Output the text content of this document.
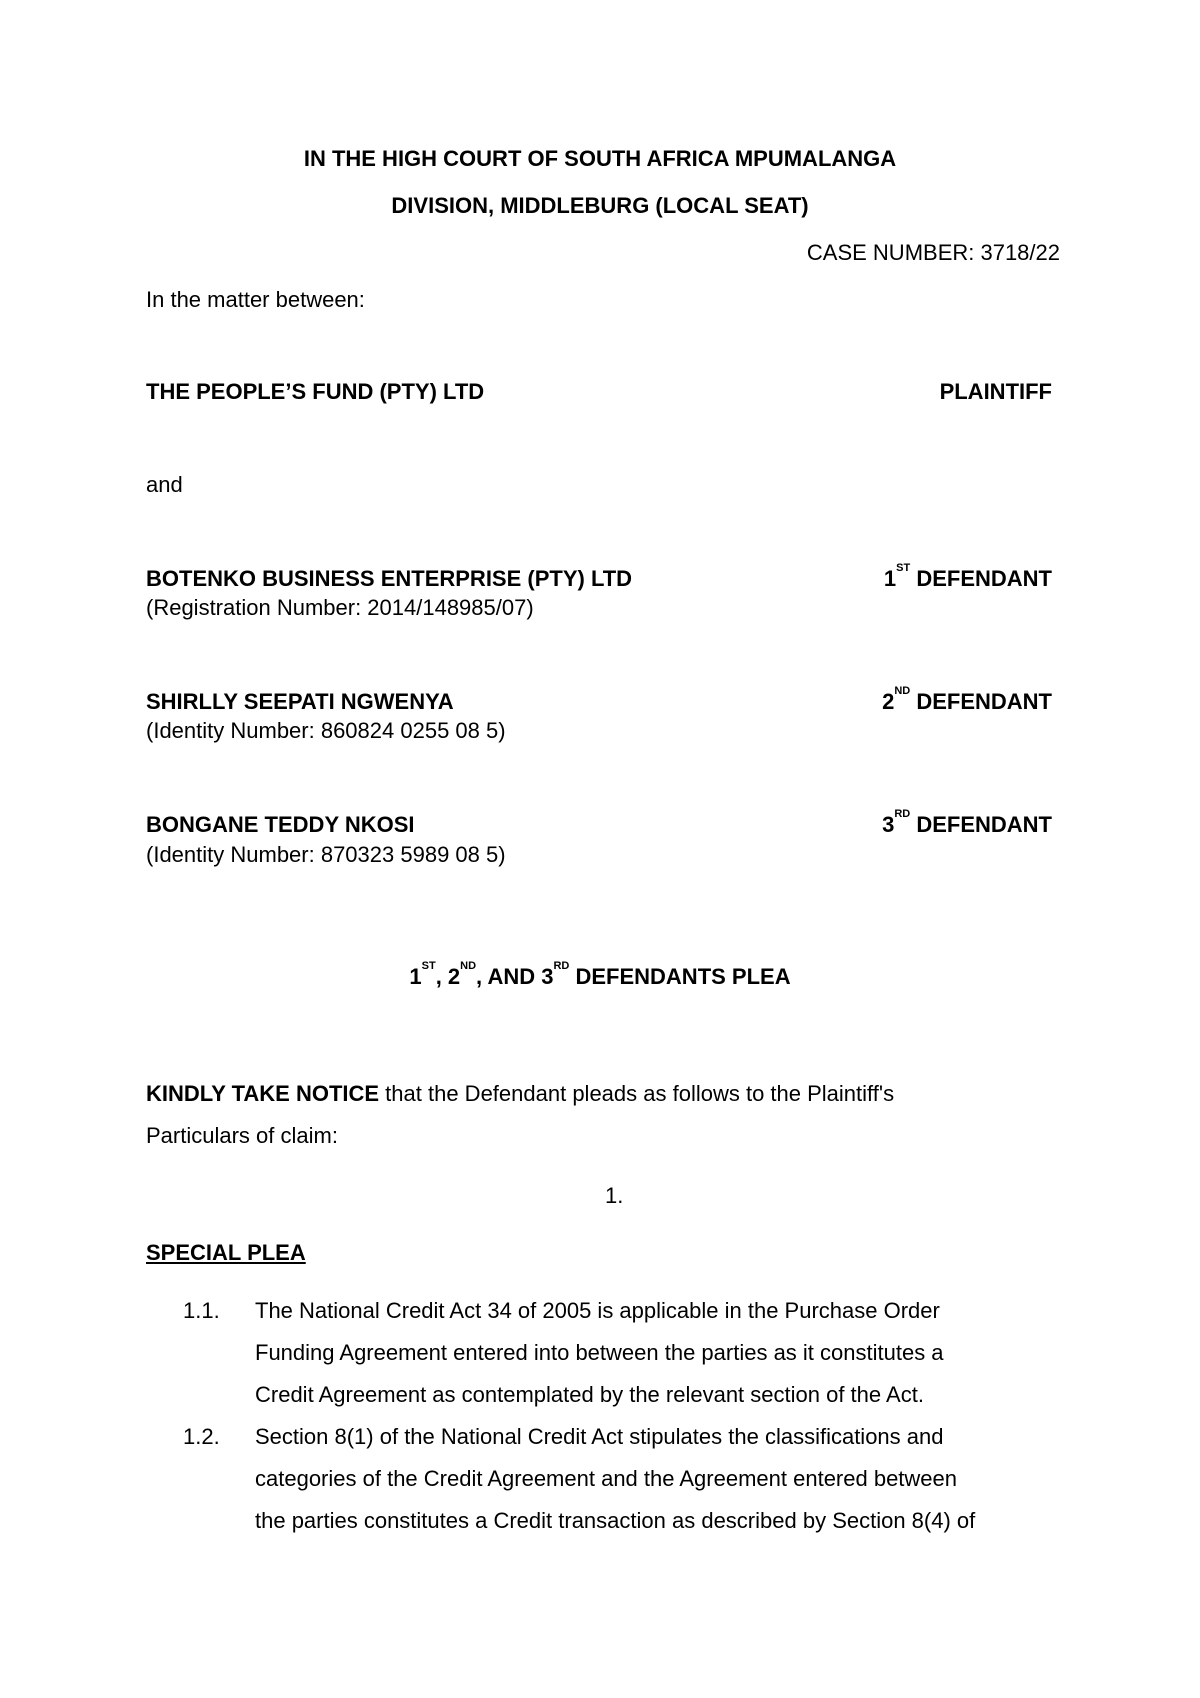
IN THE HIGH COURT OF SOUTH AFRICA MPUMALANGA
DIVISION, MIDDLEBURG (LOCAL SEAT)
CASE NUMBER: 3718/22
In the matter between:
THE PEOPLE’S FUND (PTY) LTD	PLAINTIFF
and
BOTENKO BUSINESS ENTERPRISE (PTY) LTD	1ST DEFENDANT
(Registration Number: 2014/148985/07)
SHIRLLY SEEPATI NGWENYA	2ND DEFENDANT
(Identity Number: 860824 0255 08 5)
BONGANE TEDDY NKOSI	3RD DEFENDANT
(Identity Number: 870323 5989 08 5)
1ST, 2ND, AND 3RD DEFENDANTS PLEA
KINDLY TAKE NOTICE that the Defendant pleads as follows to the Plaintiff's
Particulars of claim:
1.
SPECIAL PLEA
1.1. The National Credit Act 34 of 2005 is applicable in the Purchase Order
Funding Agreement entered into between the parties as it constitutes a
Credit Agreement as contemplated by the relevant section of the Act.
1.2. Section 8(1) of the National Credit Act stipulates the classifications and
categories of the Credit Agreement and the Agreement entered between
the parties constitutes a Credit transaction as described by Section 8(4) of
